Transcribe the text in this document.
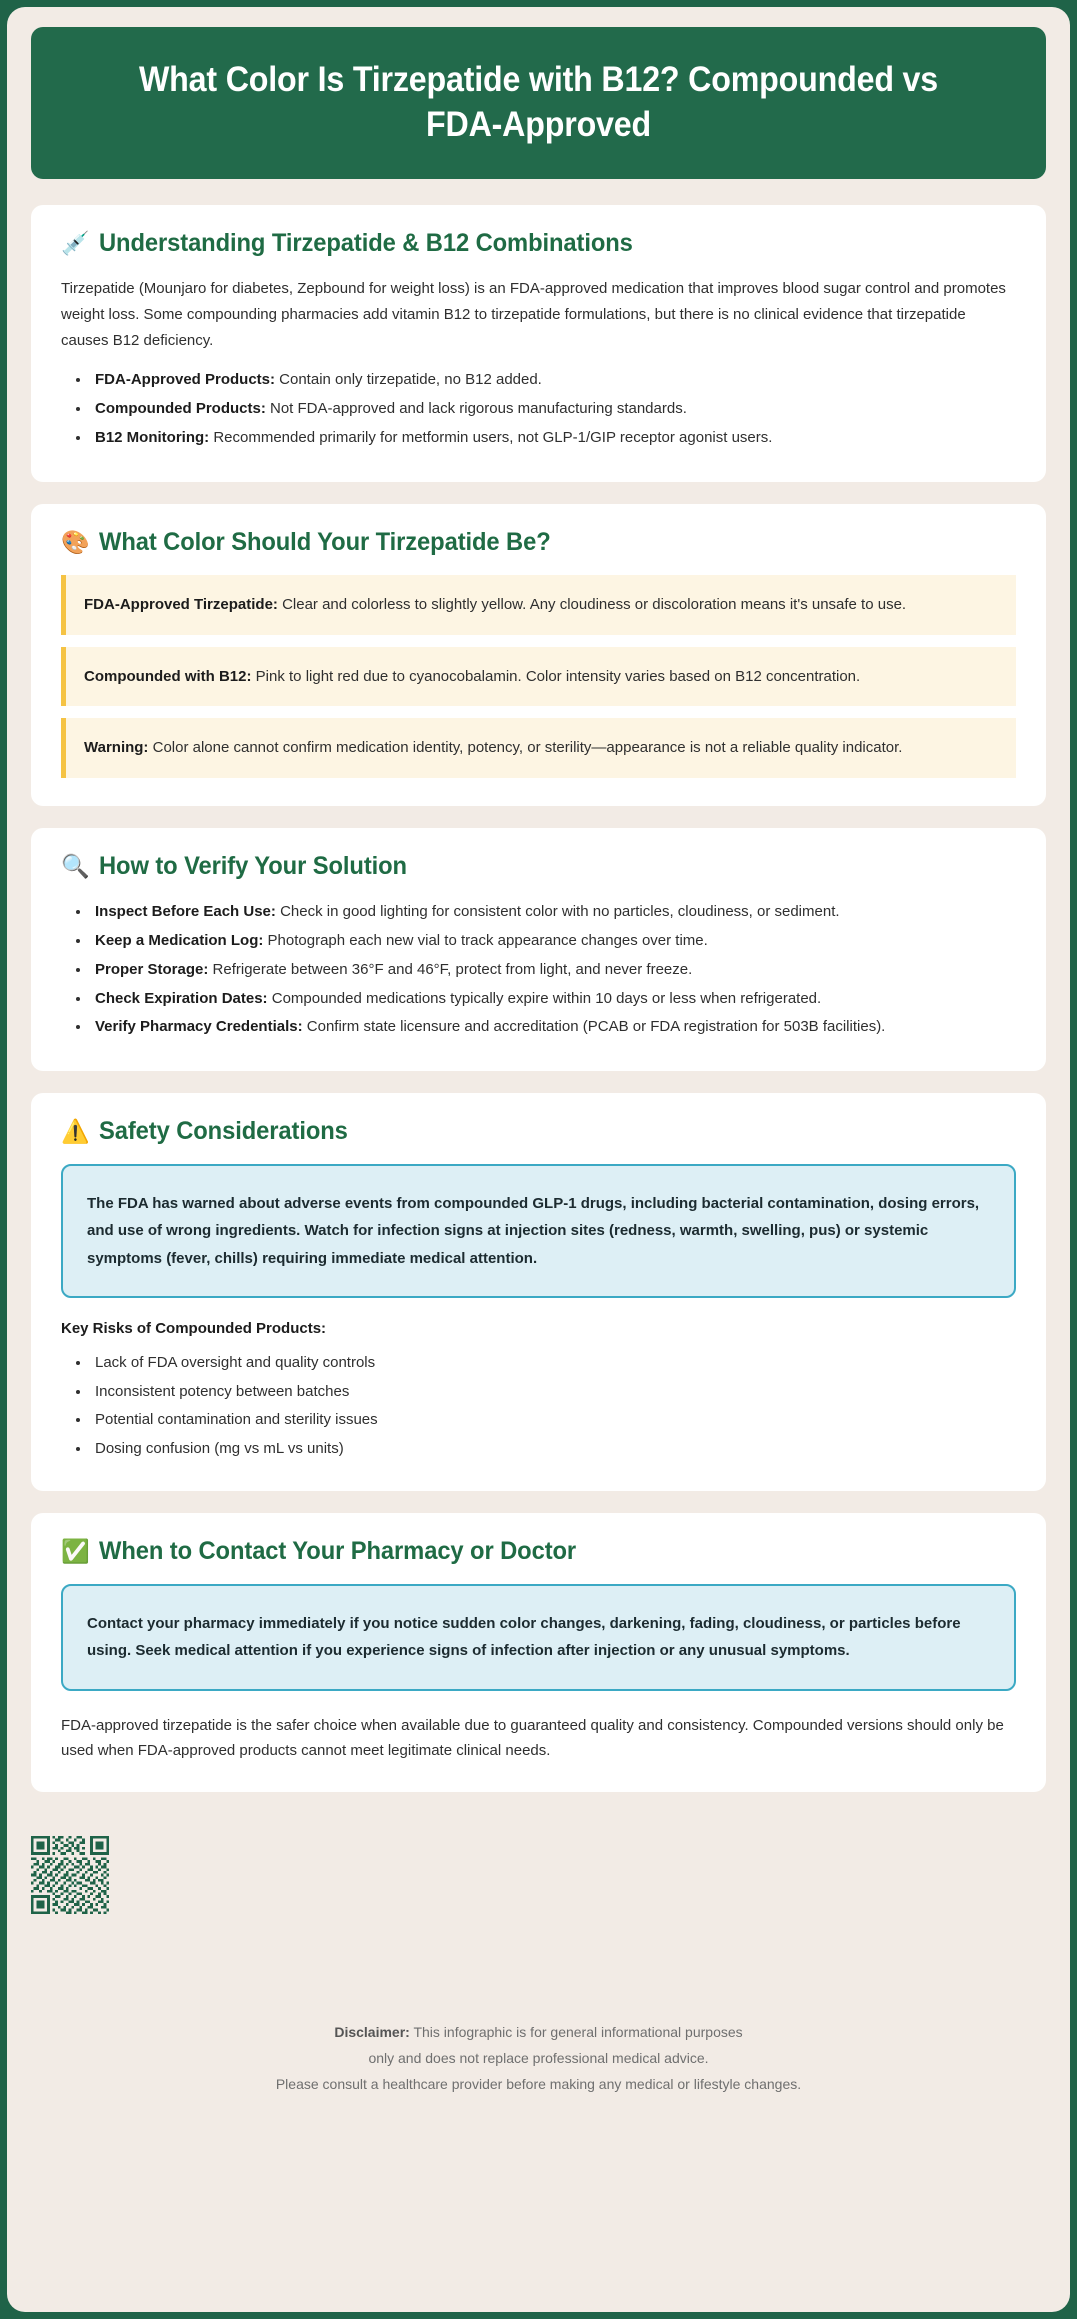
What Color Is Tirzepatide with B12? Compounded vs FDA-Approved
💉 Understanding Tirzepatide & B12 Combinations

Tirzepatide (Mounjaro for diabetes, Zepbound for weight loss) is an FDA-approved medication that improves blood sugar control and promotes weight loss. Some compounding pharmacies add vitamin B12 to tirzepatide formulations, but there is no clinical evidence that tirzepatide causes B12 deficiency.

• FDA-Approved Products: Contain only tirzepatide, no B12 added.
• Compounded Products: Not FDA-approved and lack rigorous manufacturing standards.
• B12 Monitoring: Recommended primarily for metformin users, not GLP-1/GIP receptor agonist users.
🎨 What Color Should Your Tirzepatide Be?
FDA-Approved Tirzepatide: Clear and colorless to slightly yellow. Any cloudiness or discoloration means it's unsafe to use.
Compounded with B12: Pink to light red due to cyanocobalamin. Color intensity varies based on B12 concentration.
Warning: Color alone cannot confirm medication identity, potency, or sterility—appearance is not a reliable quality indicator.
🔍 How to Verify Your Solution
• Inspect Before Each Use: Check in good lighting for consistent color with no particles, cloudiness, or sediment.
• Keep a Medication Log: Photograph each new vial to track appearance changes over time.
• Proper Storage: Refrigerate between 36°F and 46°F, protect from light, and never freeze.
• Check Expiration Dates: Compounded medications typically expire within 10 days or less when refrigerated.
• Verify Pharmacy Credentials: Confirm state licensure and accreditation (PCAB or FDA registration for 503B facilities).
⚠️ Safety Considerations
The FDA has warned about adverse events from compounded GLP-1 drugs, including bacterial contamination, dosing errors, and use of wrong ingredients. Watch for infection signs at injection sites (redness, warmth, swelling, pus) or systemic symptoms (fever, chills) requiring immediate medical attention.
Key Risks of Compounded Products:
• Lack of FDA oversight and quality controls
• Inconsistent potency between batches
• Potential contamination and sterility issues
• Dosing confusion (mg vs mL vs units)
✅ When to Contact Your Pharmacy or Doctor
Contact your pharmacy immediately if you notice sudden color changes, darkening, fading, cloudiness, or particles before using. Seek medical attention if you experience signs of infection after injection or any unusual symptoms.

FDA-approved tirzepatide is the safer choice when available due to guaranteed quality and consistency. Compounded versions should only be used when FDA-approved products cannot meet legitimate clinical needs.

Disclaimer: This infographic is for general informational purposes
only and does not replace professional medical advice.
Please consult a healthcare provider before making any medical or lifestyle changes.
